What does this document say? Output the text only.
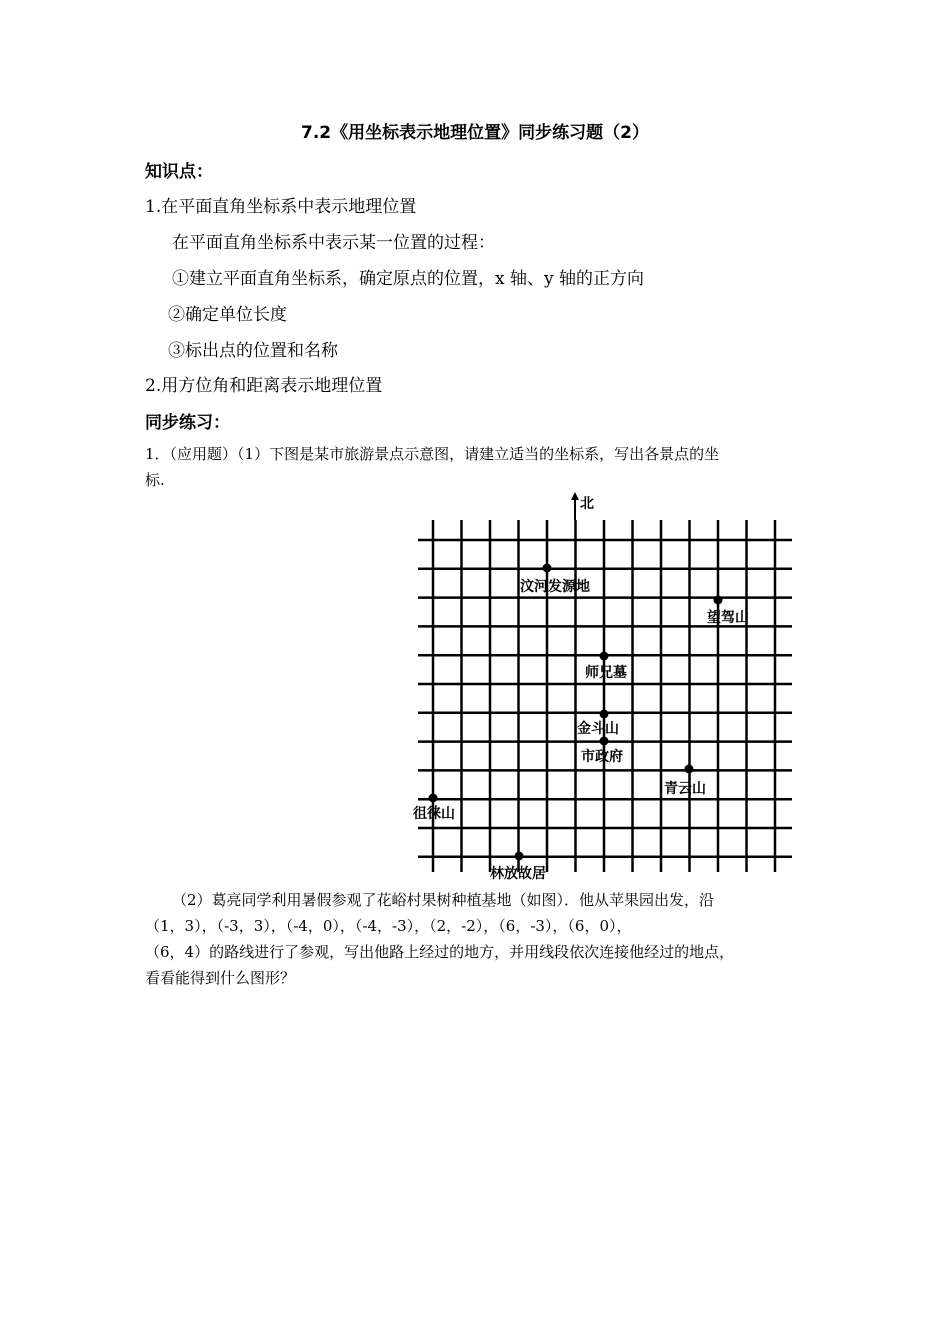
7.2《用坐标表示地理位置》同步练习题（2）
知识点：
1.在平面直角坐标系中表示地理位置
在平面直角坐标系中表示某一位置的过程：
①建立平面直角坐标系，确定原点的位置，x 轴、y 轴的正方向
②确定单位长度
③标出点的位置和名称
2.用方位角和距离表示地理位置
同步练习：
1．（应用题）（1）下图是某市旅游景点示意图，请建立适当的坐标系，写出各景点的坐
标.
北
汶河发源地
望驾山
师兄墓
金斗山
市政府
青云山
徂徕山
林放故居
（2）葛亮同学利用暑假参观了花峪村果树种植基地（如图）．他从苹果园出发，沿
（1，3），（-3，3），（-4，0），（-4，-3），（2，-2），（6，-3），（6，0），
（6，4）的路线进行了参观，写出他路上经过的地方，并用线段依次连接他经过的地点，
看看能得到什么图形？
